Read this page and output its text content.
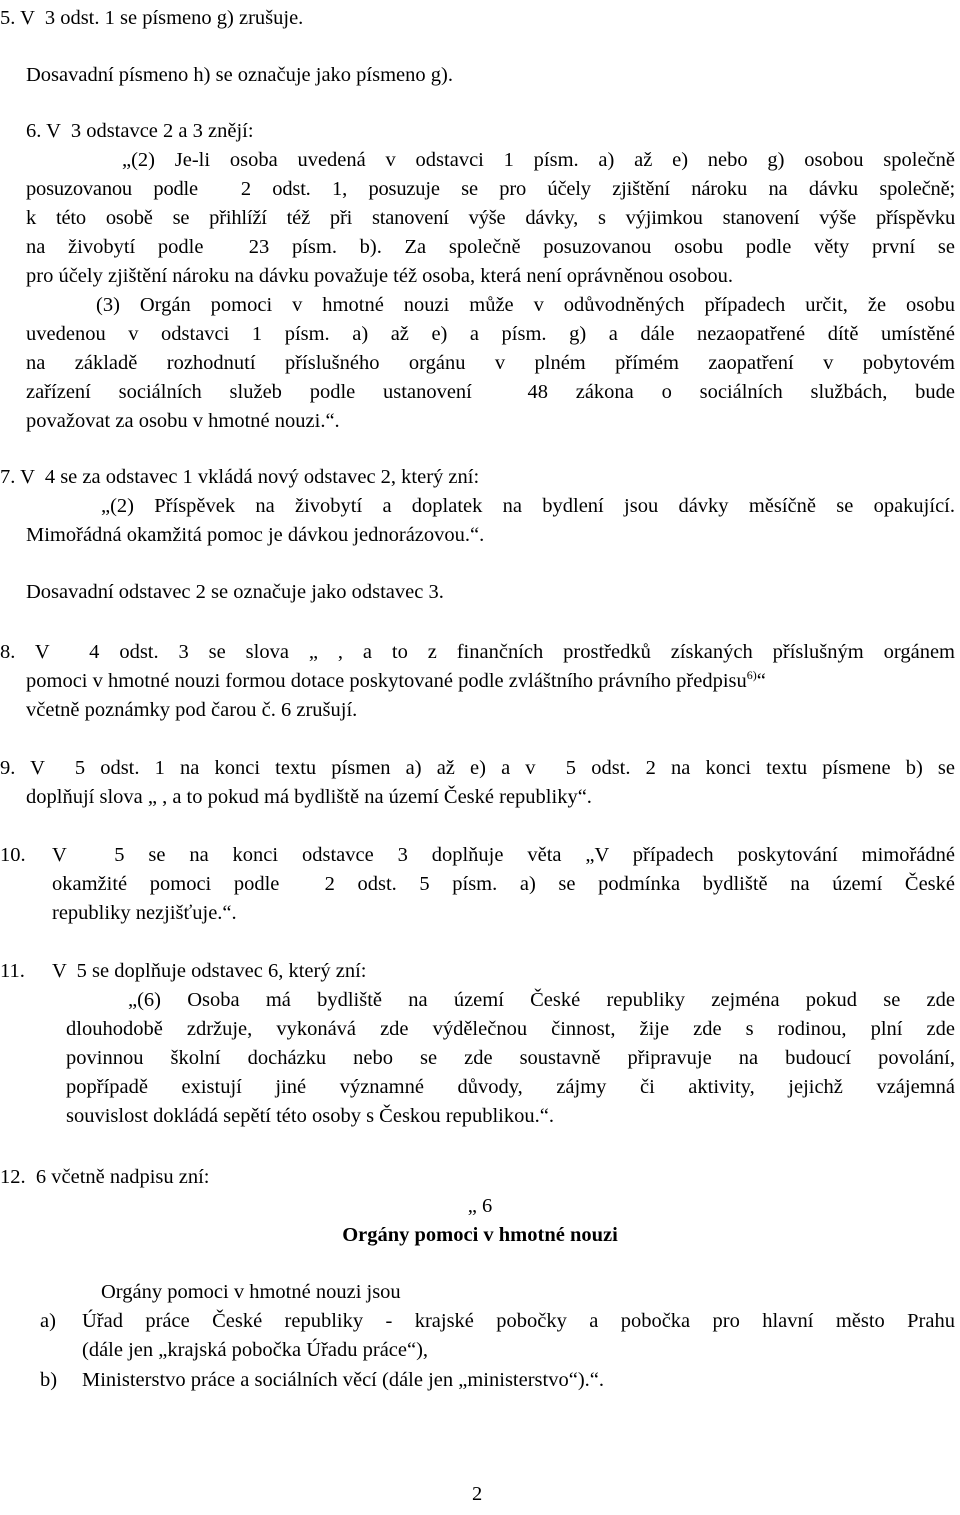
5. V  3 odst. 1 se písmeno g) zrušuje.
Dosavadní písmeno h) se označuje jako písmeno g).
6. V  3 odstavce 2 a 3 znějí:
„(2) Je-li osoba uvedená v odstavci 1 písm. a) až e) nebo g) osobou společně
posuzovanou podle  2 odst. 1, posuzuje se pro účely zjištění nároku na dávku společně;
k této osobě se přihlíží též při stanovení výše dávky, s výjimkou stanovení výše příspěvku
na živobytí podle  23 písm. b). Za společně posuzovanou osobu podle věty první se
pro účely zjištění nároku na dávku považuje též osoba, která není oprávněnou osobou.
(3) Orgán pomoci v hmotné nouzi může v odůvodněných případech určit, že osobu
uvedenou v odstavci 1 písm. a) až e) a písm. g) a dále nezaopatřené dítě umístěné
na základě rozhodnutí příslušného orgánu v plném přímém zaopatření v pobytovém
zařízení sociálních služeb podle ustanovení  48 zákona o sociálních službách, bude
považovat za osobu v hmotné nouzi.“.
7. V  4 se za odstavec 1 vkládá nový odstavec 2, který zní:
„(2) Příspěvek na živobytí a doplatek na bydlení jsou dávky měsíčně se opakující.
Mimořádná okamžitá pomoc je dávkou jednorázovou.“.
Dosavadní odstavec 2 se označuje jako odstavec 3.
8. V  4 odst. 3 se slova „ , a to z finančních prostředků získaných příslušným orgánem
pomoci v hmotné nouzi formou dotace poskytované podle zvláštního právního předpisu$^{6)}$“
včetně poznámky pod čarou č. 6 zrušují.
9. V  5 odst. 1 na konci textu písmen a) až e) a v  5 odst. 2 na konci textu písmene b) se
doplňují slova „ , a to pokud má bydliště na území České republiky“.
10. V  5 se na konci odstavce 3 doplňuje věta „V případech poskytování mimořádné
okamžité pomoci podle  2 odst. 5 písm. a) se podmínka bydliště na území České
republiky nezjišťuje.“.
11. V  5 se doplňuje odstavec 6, který zní:
„(6) Osoba má bydliště na území České republiky zejména pokud se zde
dlouhodobě zdržuje, vykonává zde výdělečnou činnost, žije zde s rodinou, plní zde
povinnou školní docházku nebo se zde soustavně připravuje na budoucí povolání,
popřípadě existují jiné významné důvody, zájmy či aktivity, jejichž vzájemná
souvislost dokládá sepětí této osoby s Českou republikou.“.
12.  6 včetně nadpisu zní:
„ 6
Orgány pomoci v hmotné nouzi
Orgány pomoci v hmotné nouzi jsou
a) Úřad práce České republiky - krajské pobočky a pobočka pro hlavní město Prahu
(dále jen „krajská pobočka Úřadu práce“),
b) Ministerstvo práce a sociálních věcí (dále jen „ministerstvo“).“.
2
